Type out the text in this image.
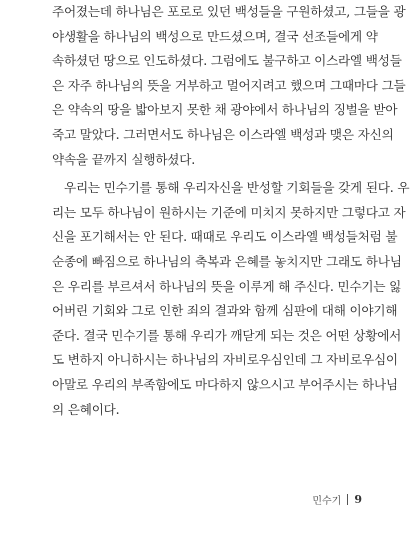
주어졌는데 하나님은 포로로 있던 백성들을 구원하셨고, 그들을 광
야생활을 하나님의 백성으로 만드셨으며, 결국 선조들에게 약
속하셨던 땅으로 인도하셨다. 그럼에도 불구하고 이스라엘 백성들
은 자주 하나님의 뜻을 거부하고 멀어지려고 했으며 그때마다 그들
은 약속의 땅을 밟아보지 못한 채 광야에서 하나님의 징벌을 받아
죽고 말았다. 그러면서도 하나님은 이스라엘 백성과 맺은 자신의
약속을 끝까지 실행하셨다.
우리는 민수기를 통해 우리자신을 반성할 기회들을 갖게 된다. 우
리는 모두 하나님이 원하시는 기준에 미치지 못하지만 그렇다고 자
신을 포기해서는 안 된다. 때때로 우리도 이스라엘 백성들처럼 불
순종에 빠짐으로 하나님의 축복과 은혜를 놓치지만 그래도 하나님
은 우리를 부르셔서 하나님의 뜻을 이루게 해 주신다. 민수기는 잃
어버린 기회와 그로 인한 죄의 결과와 함께 심판에 대해 이야기해
준다. 결국 민수기를 통해 우리가 깨닫게 되는 것은 어떤 상황에서
도 변하지 아니하시는 하나님의 자비로우심인데 그 자비로우심이
아말로 우리의 부족함에도 마다하지 않으시고 부어주시는 하나님
의 은혜이다.
민수기 9
